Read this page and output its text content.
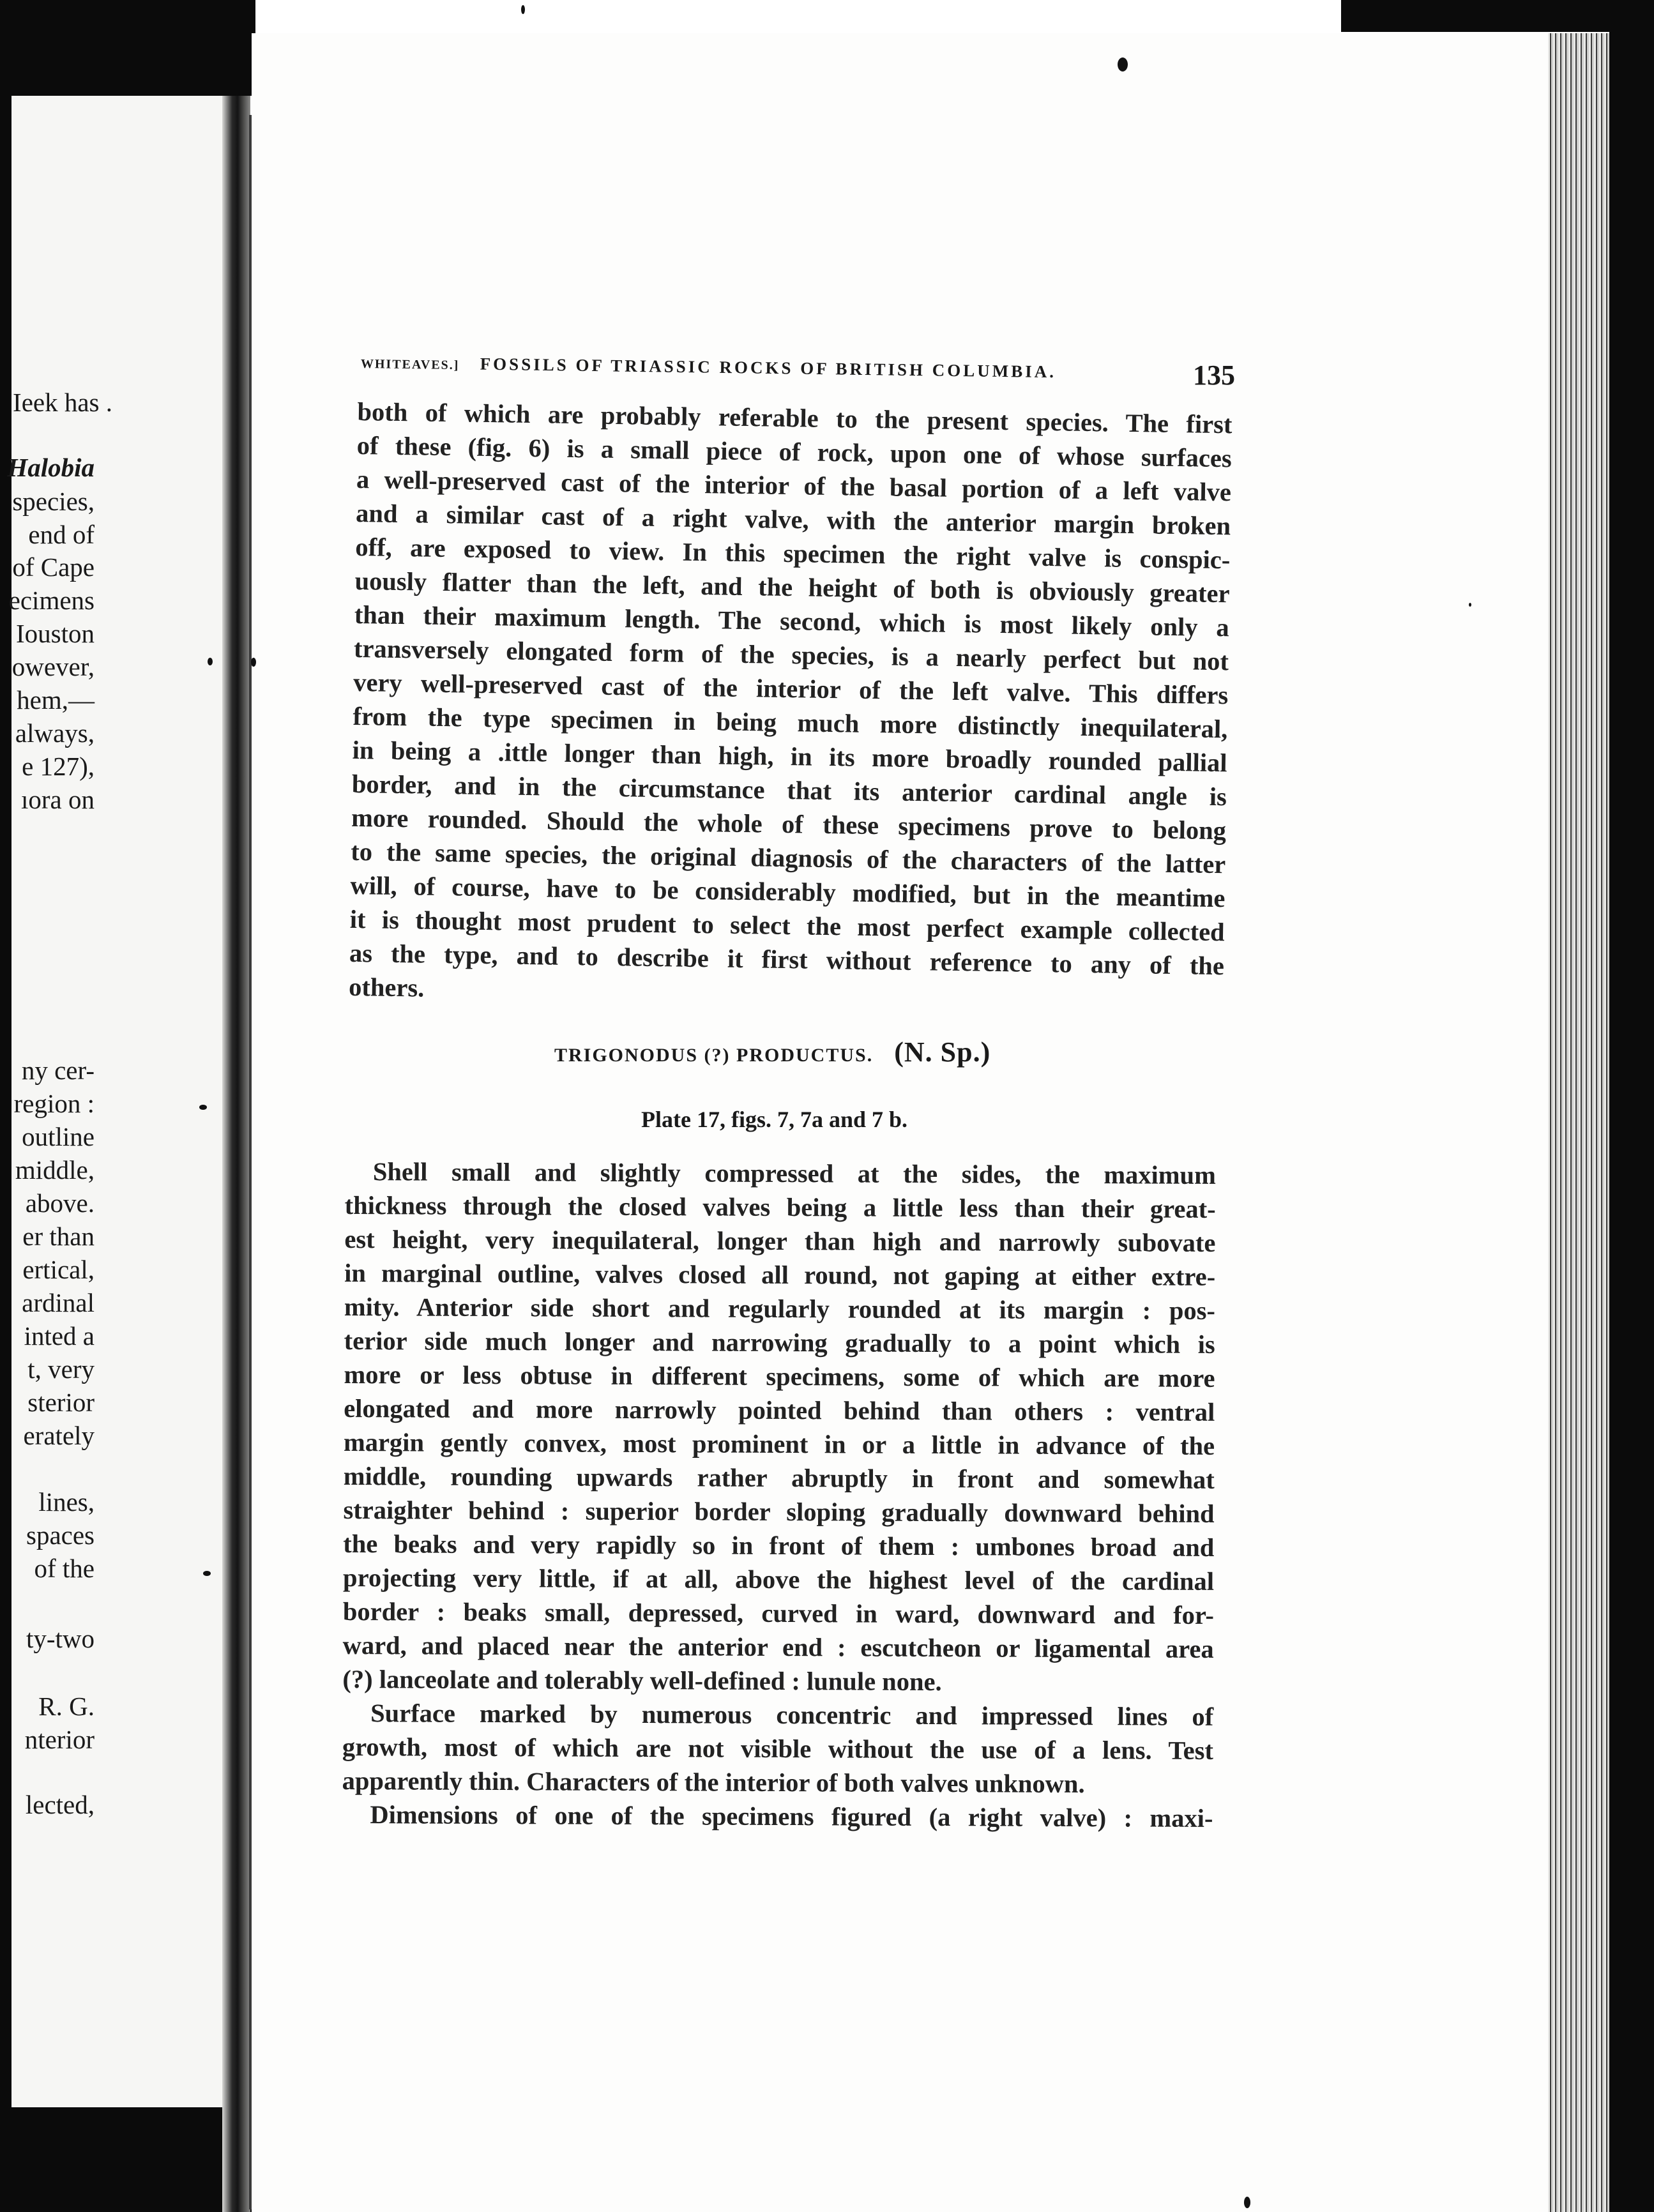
Ieek has .
Halobia
species,
end of
of Cape
ecimens
Iouston
owever,
hem,—
always,
e 127),
ıora on
ny cer-
region :
outline
middle,
above.
er than
ertical,
ardinal
inted a
t, very
sterior
erately
lines,
spaces
of the
ty-two
R. G.
nterior
lected,
WHITEAVES.] FOSSILS OF TRIASSIC ROCKS OF BRITISH COLUMBIA.	135
both of which are probably referable to the present species. The first
of these (fig. 6) is a small piece of rock, upon one of whose surfaces
a well-preserved cast of the interior of the basal portion of a left valve
and a similar cast of a right valve, with the anterior margin broken
off, are exposed to view. In this specimen the right valve is conspic-
uously flatter than the left, and the height of both is obviously greater
than their maximum length. The second, which is most likely only a
transversely elongated form of the species, is a nearly perfect but not
very well-preserved cast of the interior of the left valve. This differs
from the type specimen in being much more distinctly inequilateral,
in being a .ittle longer than high, in its more broadly rounded pallial
border, and in the circumstance that its anterior cardinal angle is
more rounded. Should the whole of these specimens prove to belong
to the same species, the original diagnosis of the characters of the latter
will, of course, have to be considerably modified, but in the meantime
it is thought most prudent to select the most perfect example collected
as the type, and to describe it first without reference to any of the
others.
TRIGONODUS (?) PRODUCTUS. (N. Sp.)
Plate 17, figs. 7, 7a and 7 b.
Shell small and slightly compressed at the sides, the maximum
thickness through the closed valves being a little less than their great-
est height, very inequilateral, longer than high and narrowly subovate
in marginal outline, valves closed all round, not gaping at either extre-
mity. Anterior side short and regularly rounded at its margin : pos-
terior side much longer and narrowing gradually to a point which is
more or less obtuse in different specimens, some of which are more
elongated and more narrowly pointed behind than others : ventral
margin gently convex, most prominent in or a little in advance of the
middle, rounding upwards rather abruptly in front and somewhat
straighter behind : superior border sloping gradually downward behind
the beaks and very rapidly so in front of them : umbones broad and
projecting very little, if at all, above the highest level of the cardinal
border : beaks small, depressed, curved in ward, downward and for-
ward, and placed near the anterior end : escutcheon or ligamental area
(?) lanceolate and tolerably well-defined : lunule none.
Surface marked by numerous concentric and impressed lines of
growth, most of which are not visible without the use of a lens. Test
apparently thin. Characters of the interior of both valves unknown.
Dimensions of one of the specimens figured (a right valve) : maxi-
